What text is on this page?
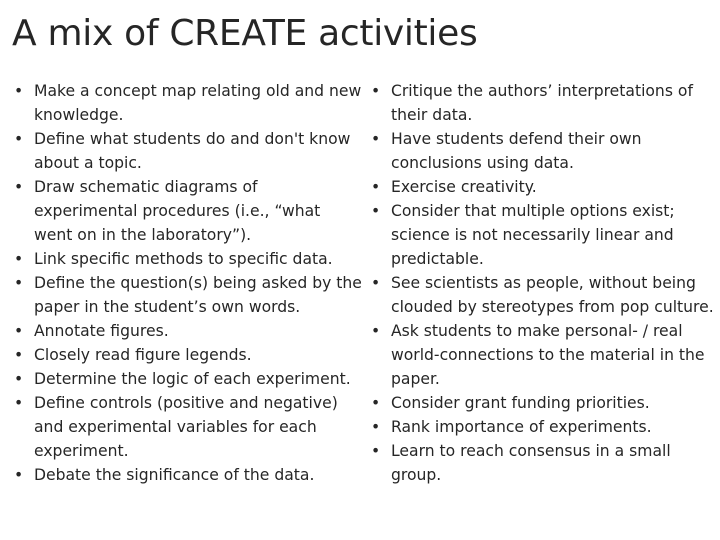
A mix of CREATE activities
• Make a concept map relating old and new knowledge.
• Define what students do and don't know about a topic.
• Draw schematic diagrams of experimental procedures (i.e., “what went on in the laboratory”).
• Link specific methods to specific data.
• Define the question(s) being asked by the paper in the student’s own words.
• Annotate figures.
• Closely read figure legends.
• Determine the logic of each experiment.
• Define controls (positive and negative) and experimental variables for each experiment.
• Debate the significance of the data.
• Critique the authors’ interpretations of their data.
• Have students defend their own conclusions using data.
• Exercise creativity.
• Consider that multiple options exist; science is not necessarily linear and predictable.
• See scientists as people, without being clouded by stereotypes from pop culture.
• Ask students to make personal- / real world-connections to the material in the paper.
• Consider grant funding priorities.
• Rank importance of experiments.
• Learn to reach consensus in a small group.
